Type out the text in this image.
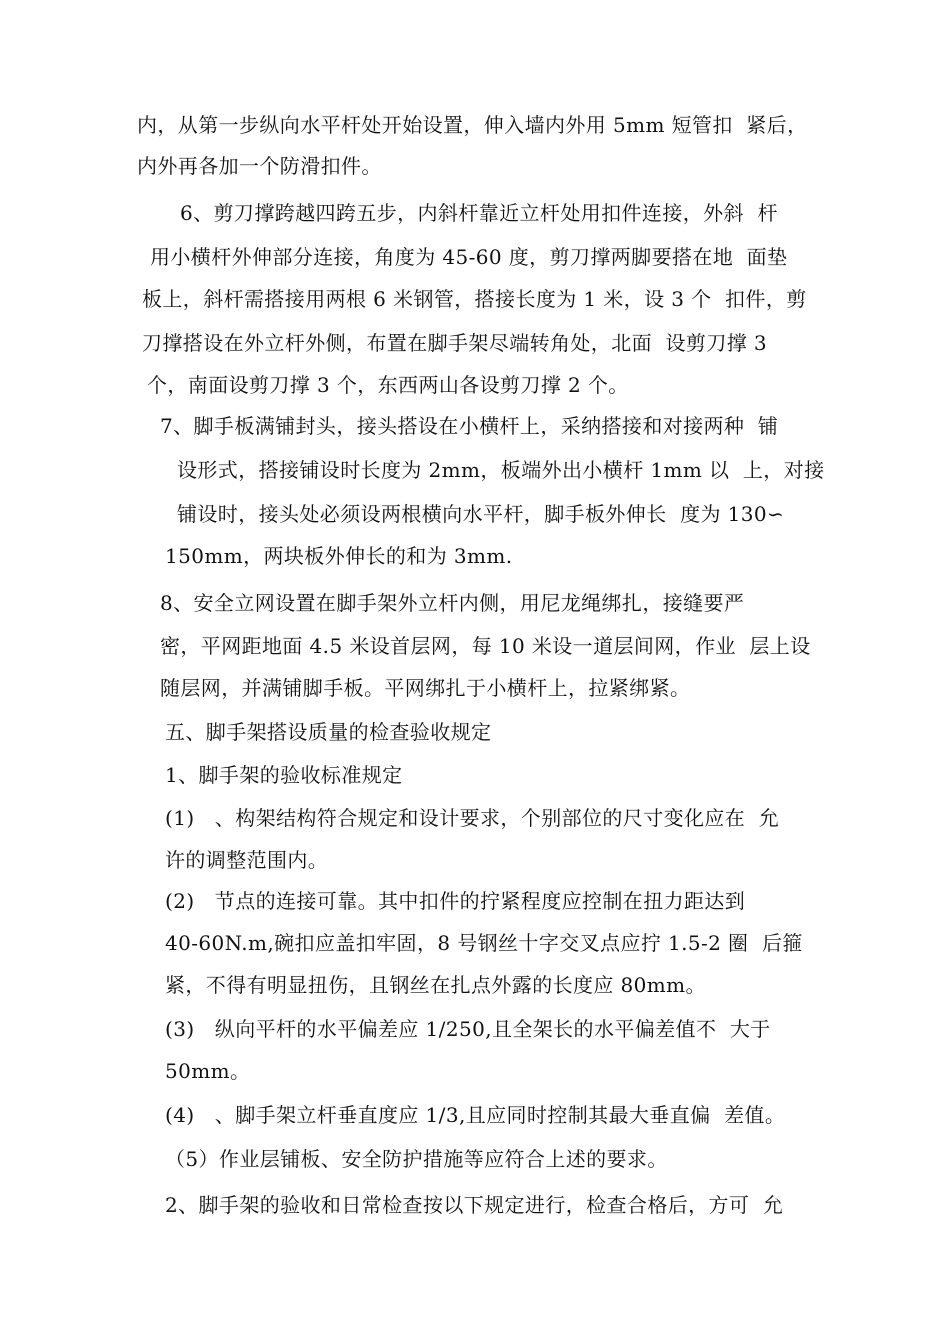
内，从第一步纵向水平杆处开始设置，伸入墙内外用 5mm 短管扣  紧后，
内外再各加一个防滑扣件。
6、剪刀撑跨越四跨五步，内斜杆靠近立杆处用扣件连接，外斜  杆
用小横杆外伸部分连接，角度为 45-60 度，剪刀撑两脚要搭在地  面垫
板上，斜杆需搭接用两根 6 米钢管，搭接长度为 1 米，设 3 个  扣件，剪
刀撑搭设在外立杆外侧，布置在脚手架尽端转角处，北面  设剪刀撑 3
个，南面设剪刀撑 3 个，东西两山各设剪刀撑 2 个。
7、脚手板满铺封头，接头搭设在小横杆上，采纳搭接和对接两种  铺
设形式，搭接铺设时长度为 2mm，板端外出小横杆 1mm 以  上，对接
铺设时，接头处必须设两根横向水平杆，脚手板外伸长  度为 130∽
150mm，两块板外伸长的和为 3mm.
8、安全立网设置在脚手架外立杆内侧，用尼龙绳绑扎，接缝要严
密，平网距地面 4.5 米设首层网，每 10 米设一道层间网，作业  层上设
随层网，并满铺脚手板。平网绑扎于小横杆上，拉紧绑紧。
五、脚手架搭设质量的检查验收规定
1、脚手架的验收标准规定
(1)   、构架结构符合规定和设计要求，个别部位的尺寸变化应在  允
许的调整范围内。
(2)   节点的连接可靠。其中扣件的拧紧程度应控制在扭力距达到
40-60N.m,碗扣应盖扣牢固，8 号钢丝十字交叉点应拧 1.5-2 圈  后箍
紧，不得有明显扭伤，且钢丝在扎点外露的长度应 80mm。
(3)   纵向平杆的水平偏差应 1/250,且全架长的水平偏差值不  大于
50mm。
(4)   、脚手架立杆垂直度应 1/3,且应同时控制其最大垂直偏  差值。
（5）作业层铺板、安全防护措施等应符合上述的要求。
2、脚手架的验收和日常检查按以下规定进行，检查合格后，方可  允
